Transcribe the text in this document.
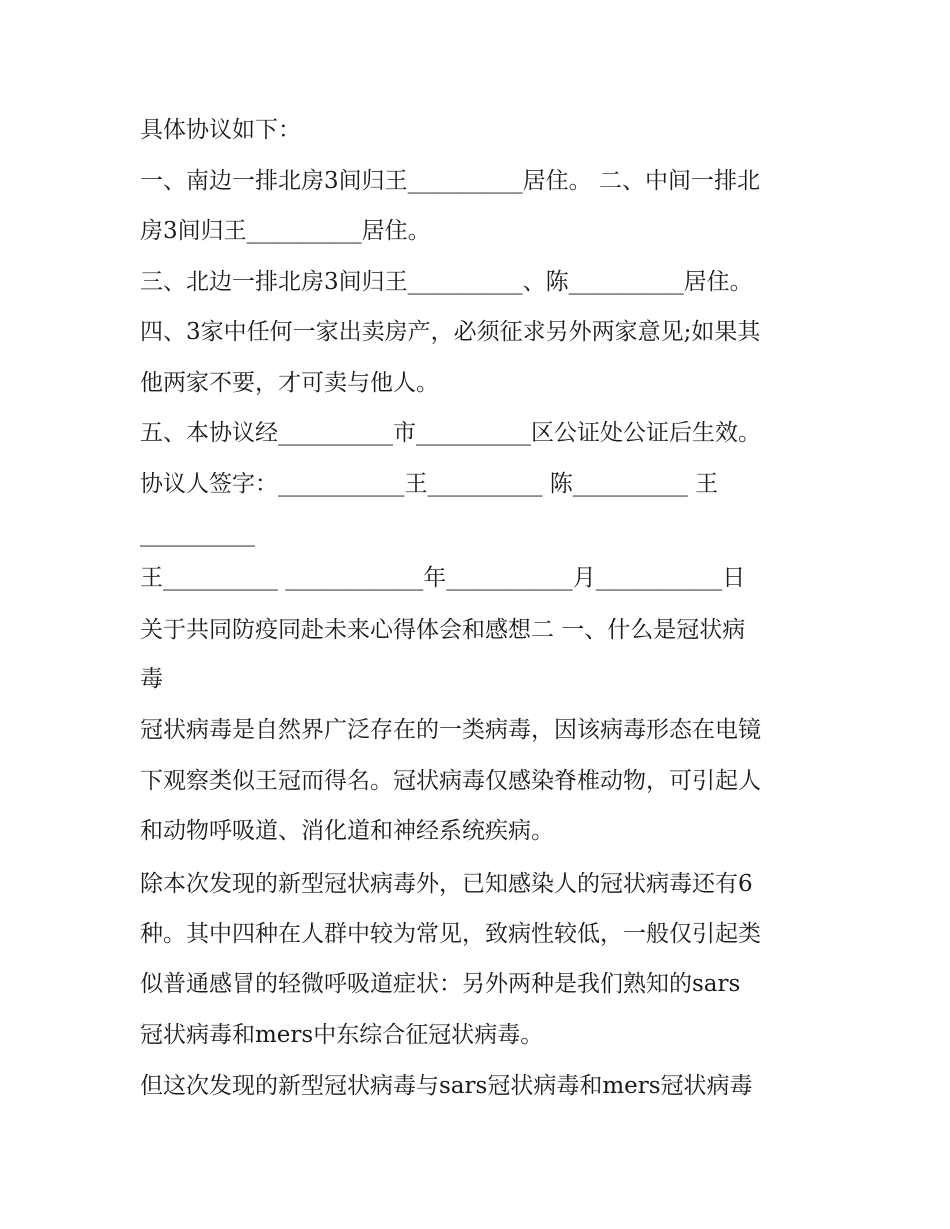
具体协议如下：

一、南边一排北房3间归王__________居住。 二、中间一排北

房3间归王__________居住。

三、北边一排北房3间归王__________、陈__________居住。

四、3家中任何一家出卖房产，必须征求另外两家意见;如果其

他两家不要，才可卖与他人。

五、本协议经__________市__________区公证处公证后生效。

协议人签字：___________王__________ 陈__________ 王

__________

王__________ ____________年___________月___________日

关于共同防疫同赴未来心得体会和感想二 一、什么是冠状病

毒

冠状病毒是自然界广泛存在的一类病毒，因该病毒形态在电镜

下观察类似王冠而得名。冠状病毒仅感染脊椎动物，可引起人

和动物呼吸道、消化道和神经系统疾病。

除本次发现的新型冠状病毒外，已知感染人的冠状病毒还有6

种。其中四种在人群中较为常见，致病性较低，一般仅引起类

似普通感冒的轻微呼吸道症状：另外两种是我们熟知的sars

冠状病毒和mers中东综合征冠状病毒。

但这次发现的新型冠状病毒与sars冠状病毒和mers冠状病毒
